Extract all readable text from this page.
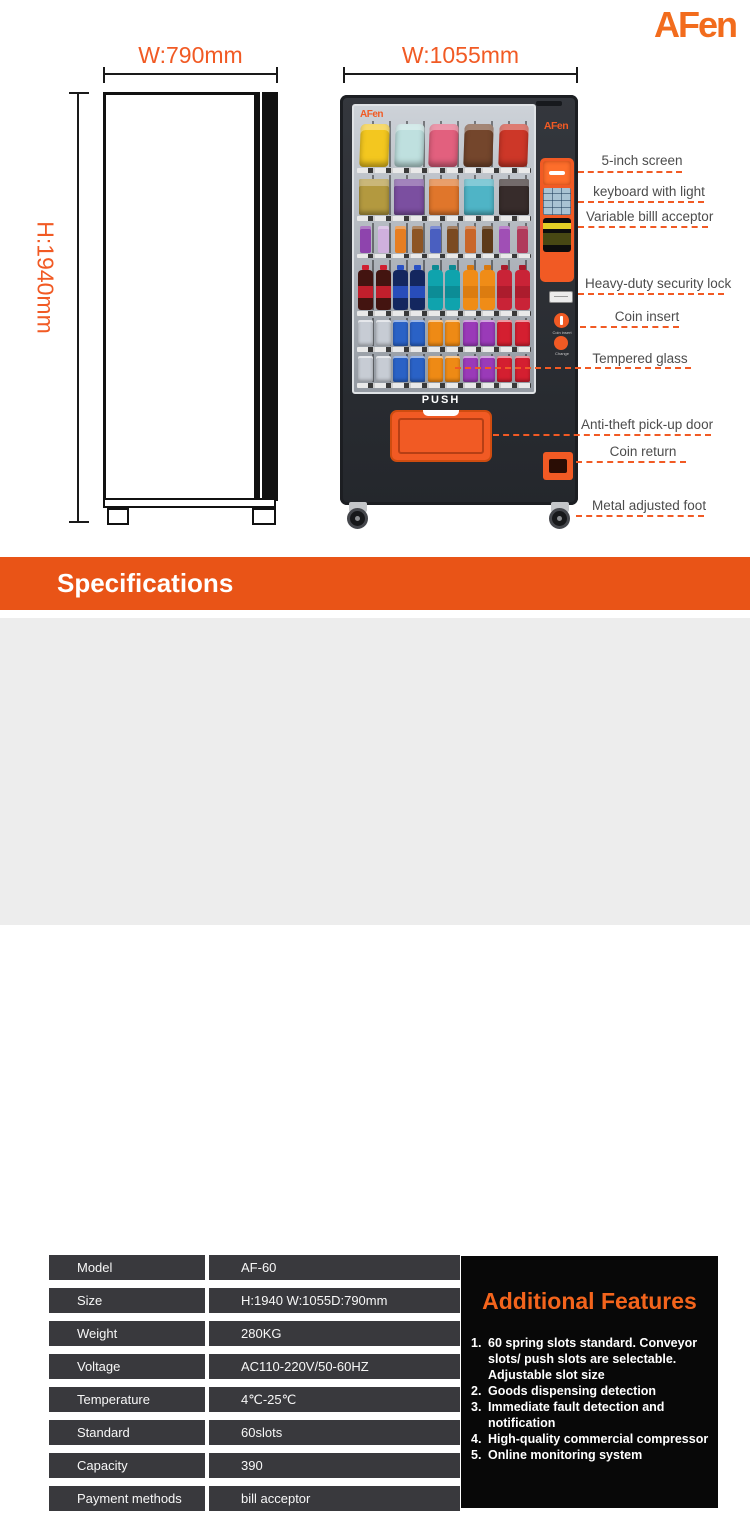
AFen
W:790mm	W:1055mm
H:1940mm
AFen
AFen
Coin insert
Change
PUSH
5-inch screen
keyboard with light
Variable billl acceptor
Heavy-duty security lock
Coin insert
Tempered glass
Anti-theft pick-up door
Coin return
Metal adjusted foot
Specifications
Model	AF-60
Size	H:1940 W:1055D:790mm
Weight	280KG
Voltage	AC110-220V/50-60HZ
Temperature	4℃-25℃
Standard	60slots
Capacity	390
Payment methods	bill acceptor
Additional Features
60 spring slots standard. Conveyor slots/ push slots are selectable. Adjustable slot size
Goods dispensing detection
Immediate fault detection and notification
High-quality commercial compressor
Online monitoring system
